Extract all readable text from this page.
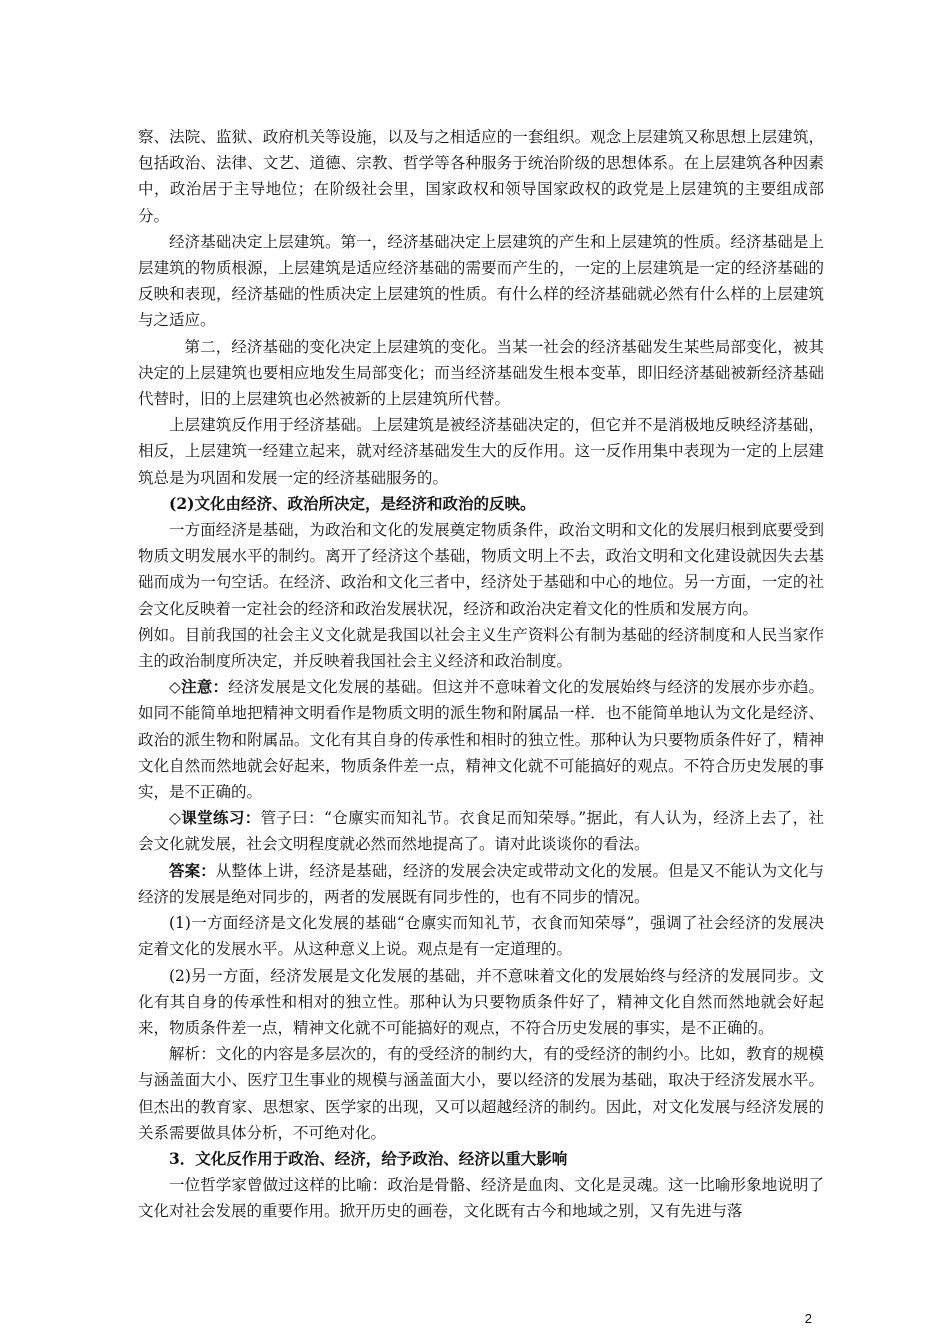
察、法院、监狱、政府机关等设施，以及与之相适应的一套组织。观念上层建筑又称思想上层建筑，包括政治、法律、文艺、道德、宗教、哲学等各种服务于统治阶级的思想体系。在上层建筑各种因素中，政治居于主导地位；在阶级社会里，国家政权和领导国家政权的政党是上层建筑的主要组成部分。

经济基础决定上层建筑。第一，经济基础决定上层建筑的产生和上层建筑的性质。经济基础是上层建筑的物质根源，上层建筑是适应经济基础的需要而产生的，一定的上层建筑是一定的经济基础的反映和表现，经济基础的性质决定上层建筑的性质。有什么样的经济基础就必然有什么样的上层建筑与之适应。

第二，经济基础的变化决定上层建筑的变化。当某一社会的经济基础发生某些局部变化，被其决定的上层建筑也要相应地发生局部变化；而当经济基础发生根本变革，即旧经济基础被新经济基础代替时，旧的上层建筑也必然被新的上层建筑所代替。

上层建筑反作用于经济基础。上层建筑是被经济基础决定的，但它并不是消极地反映经济基础，相反，上层建筑一经建立起来，就对经济基础发生大的反作用。这一反作用集中表现为一定的上层建筑总是为巩固和发展一定的经济基础服务的。

(2)文化由经济、政治所决定，是经济和政治的反映。

一方面经济是基础，为政治和文化的发展奠定物质条件，政治文明和文化的发展归根到底要受到物质文明发展水平的制约。离开了经济这个基础，物质文明上不去，政治文明和文化建设就因失去基础而成为一句空话。在经济、政治和文化三者中，经济处于基础和中心的地位。另一方面，一定的社会文化反映着一定社会的经济和政治发展状况，经济和政治决定着文化的性质和发展方向。

例如。目前我国的社会主义文化就是我国以社会主义生产资料公有制为基础的经济制度和人民当家作主的政治制度所决定，并反映着我国社会主义经济和政治制度。

◇注意：经济发展是文化发展的基础。但这并不意味着文化的发展始终与经济的发展亦步亦趋。如同不能简单地把精神文明看作是物质文明的派生物和附属品一样．也不能简单地认为文化是经济、政治的派生物和附属品。文化有其自身的传承性和相时的独立性。那种认为只要物质条件好了，精神文化自然而然地就会好起来，物质条件差一点，精神文化就不可能搞好的观点。不符合历史发展的事实，是不正确的。

◇课堂练习：管子曰：“仓廪实而知礼节。衣食足而知荣辱。”据此，有人认为，经济上去了，社会文化就发展，社会文明程度就必然而然地提高了。请对此谈谈你的看法。

答案：从整体上讲，经济是基础，经济的发展会决定或带动文化的发展。但是又不能认为文化与经济的发展是绝对同步的，两者的发展既有同步性的，也有不同步的情况。

(1)一方面经济是文化发展的基础“仓廪实而知礼节，衣食而知荣辱”，强调了社会经济的发展决定着文化的发展水平。从这种意义上说。观点是有一定道理的。

(2)另一方面，经济发展是文化发展的基础，并不意味着文化的发展始终与经济的发展同步。文化有其自身的传承性和相对的独立性。那种认为只要物质条件好了，精神文化自然而然地就会好起来，物质条件差一点，精神文化就不可能搞好的观点，不符合历史发展的事实，是不正确的。

解析：文化的内容是多层次的，有的受经济的制约大，有的受经济的制约小。比如，教育的规模与涵盖面大小、医疗卫生事业的规模与涵盖面大小，要以经济的发展为基础，取决于经济发展水平。但杰出的教育家、思想家、医学家的出现，又可以超越经济的制约。因此，对文化发展与经济发展的关系需要做具体分析，不可绝对化。

3．文化反作用于政治、经济，给予政治、经济以重大影响

一位哲学家曾做过这样的比喻：政治是骨骼、经济是血肉、文化是灵魂。这一比喻形象地说明了文化对社会发展的重要作用。掀开历史的画卷，文化既有古今和地域之别，又有先进与落

2
